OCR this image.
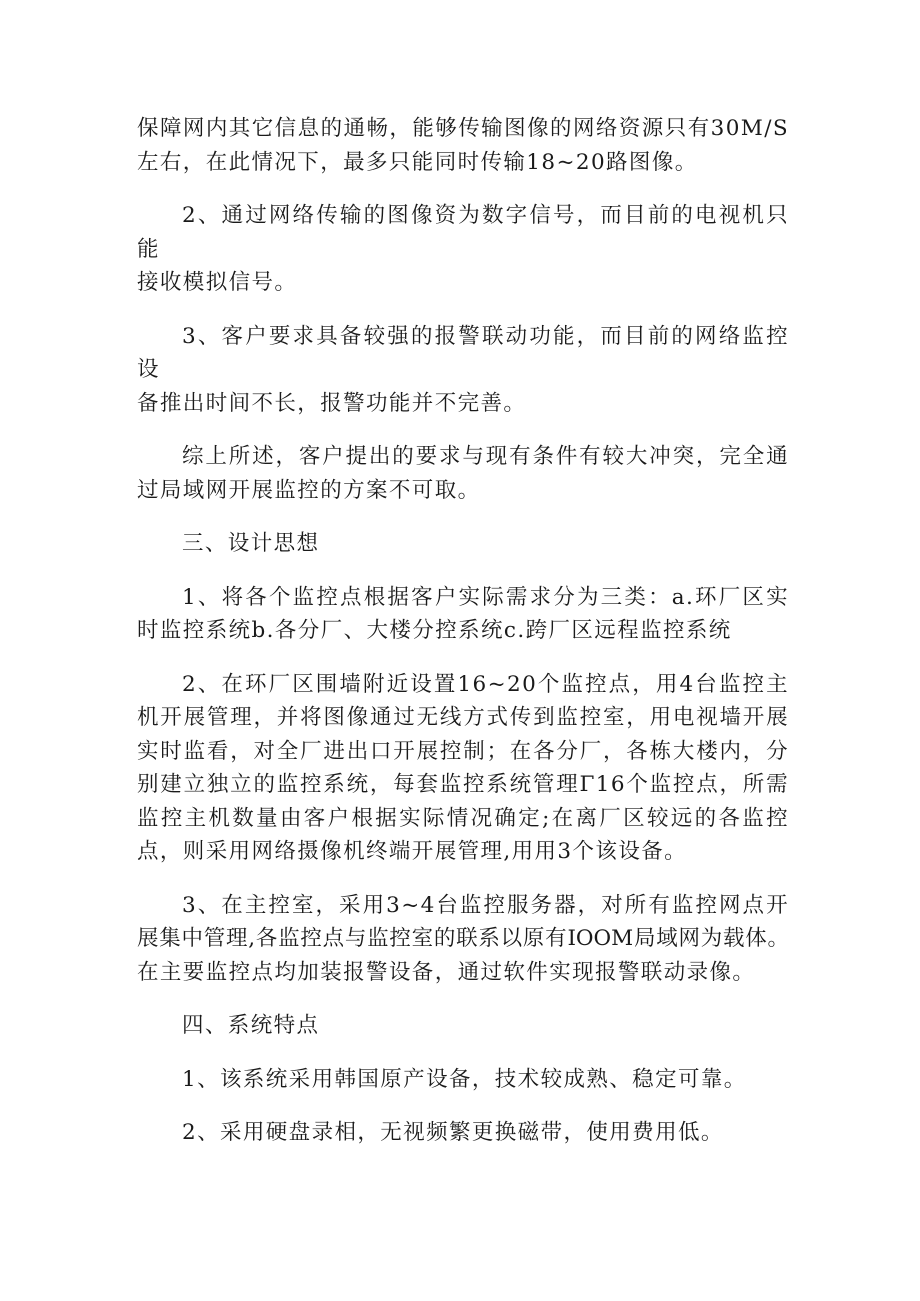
保障网内其它信息的通畅，能够传输图像的网络资源只有30M/S
左右，在此情况下，最多只能同时传输18~20路图像。

2、通过网络传输的图像资为数字信号，而目前的电视机只能
接收模拟信号。

3、客户要求具备较强的报警联动功能，而目前的网络监控设
备推出时间不长，报警功能并不完善。

综上所述，客户提出的要求与现有条件有较大冲突，完全通
过局域网开展监控的方案不可取。

三、设计思想

1、将各个监控点根据客户实际需求分为三类：a.环厂区实
时监控系统b.各分厂、大楼分控系统c.跨厂区远程监控系统

2、在环厂区围墙附近设置16~20个监控点，用4台监控主
机开展管理，并将图像通过无线方式传到监控室，用电视墙开展
实时监看，对全厂进出口开展控制；在各分厂，各栋大楼内，分
别建立独立的监控系统，每套监控系统管理Γ16个监控点，所需
监控主机数量由客户根据实际情况确定;在离厂区较远的各监控
点，则采用网络摄像机终端开展管理,用用3个该设备。

3、在主控室，采用3~4台监控服务器，对所有监控网点开
展集中管理,各监控点与监控室的联系以原有IOOM局域网为载体。
在主要监控点均加装报警设备，通过软件实现报警联动录像。

四、系统特点

1、该系统采用韩国原产设备，技术较成熟、稳定可靠。

2、采用硬盘录相，无视频繁更换磁带，使用费用低。
